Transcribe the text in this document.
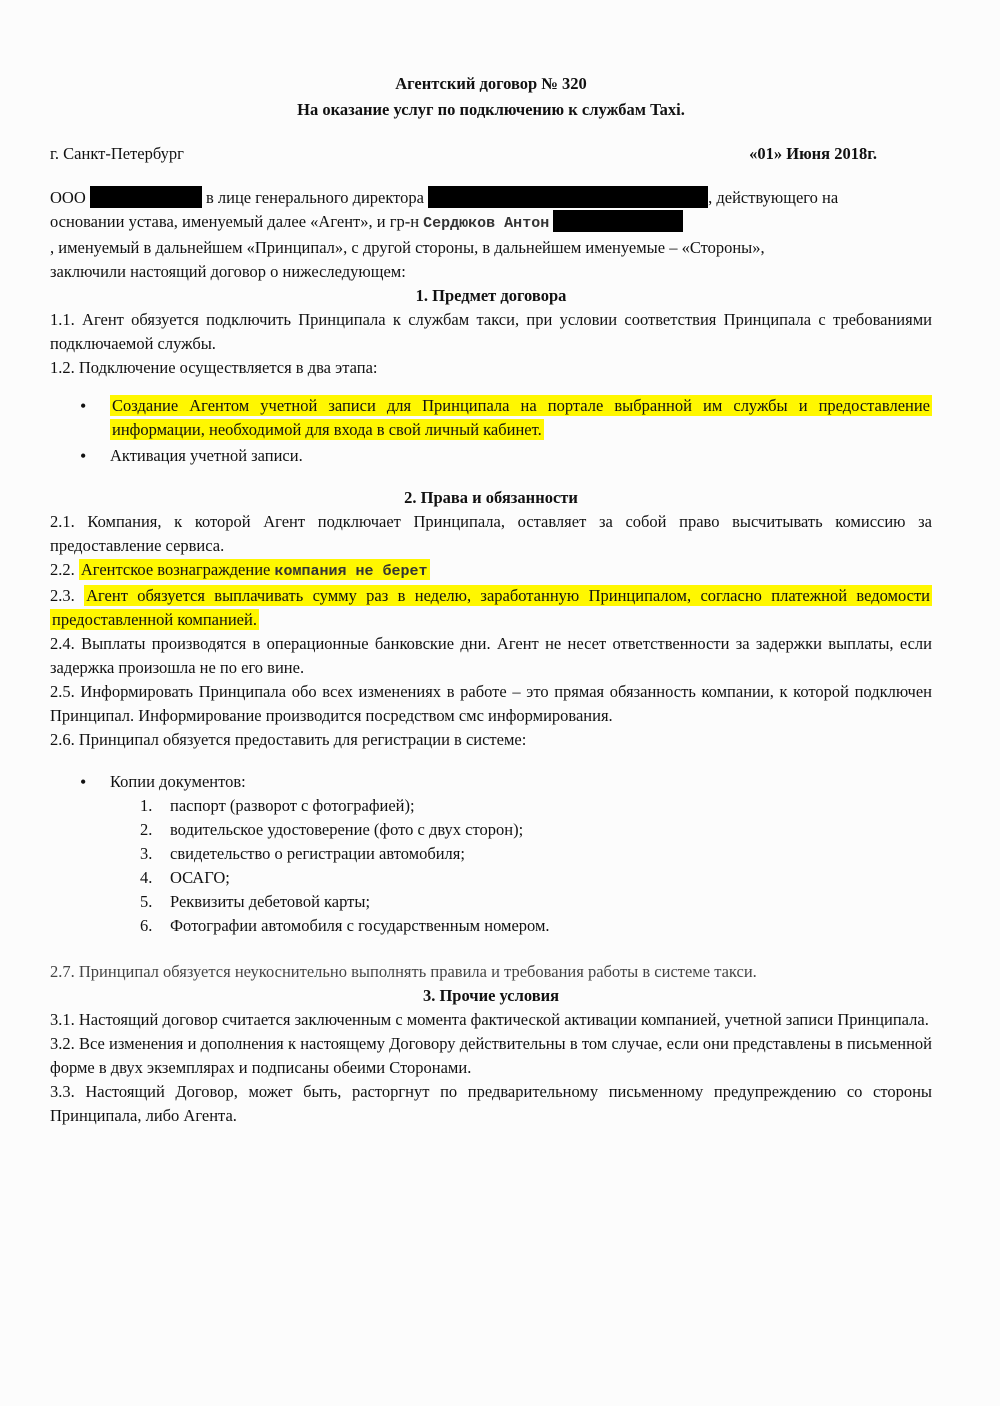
Агентский договор № 320
На оказание услуг по подключению к службам Taxi.
г. Санкт-Петербург	«01» Июня 2018г.
ООО	в лице генерального директора	, действующего на
основании устава, именуемый далее «Агент», и гр-н Сердюков Антон
, именуемый в дальнейшем «Принципал», с другой стороны, в дальнейшем именуемые – «Стороны»,
заключили настоящий договор о нижеследующем:
1. Предмет договора
1.1. Агент обязуется подключить Принципала к службам такси, при условии соответствия Принципала с требованиями подключаемой службы.
1.2. Подключение осуществляется в два этапа:
• Создание Агентом учетной записи для Принципала на портале выбранной им службы и предоставление информации, необходимой для входа в свой личный кабинет.
• Активация учетной записи.
2. Права и обязанности
2.1. Компания, к которой Агент подключает Принципала, оставляет за собой право высчитывать комиссию за предоставление сервиса.
2.2. Агентское вознаграждение компания не берет
2.3. Агент обязуется выплачивать сумму раз в неделю, заработанную Принципалом, согласно платежной ведомости предоставленной компанией.
2.4. Выплаты производятся в операционные банковские дни. Агент не несет ответственности за задержки выплаты, если задержка произошла не по его вине.
2.5. Информировать Принципала обо всех изменениях в работе – это прямая обязанность компании, к которой подключен Принципал. Информирование производится посредством смс информирования.
2.6. Принципал обязуется предоставить для регистрации в системе:
• Копии документов:
1. паспорт (разворот с фотографией);
2. водительское удостоверение (фото с двух сторон);
3. свидетельство о регистрации автомобиля;
4. ОСАГО;
5. Реквизиты дебетовой карты;
6. Фотографии автомобиля с государственным номером.
2.7. Принципал обязуется неукоснительно выполнять правила и требования работы в системе такси.
3. Прочие условия
3.1. Настоящий договор считается заключенным с момента фактической активации компанией, учетной записи Принципала.
3.2. Все изменения и дополнения к настоящему Договору действительны в том случае, если они представлены в письменной форме в двух экземплярах и подписаны обеими Сторонами.
3.3. Настоящий Договор, может быть, расторгнут по предварительному письменному предупреждению со стороны Принципала, либо Агента.
